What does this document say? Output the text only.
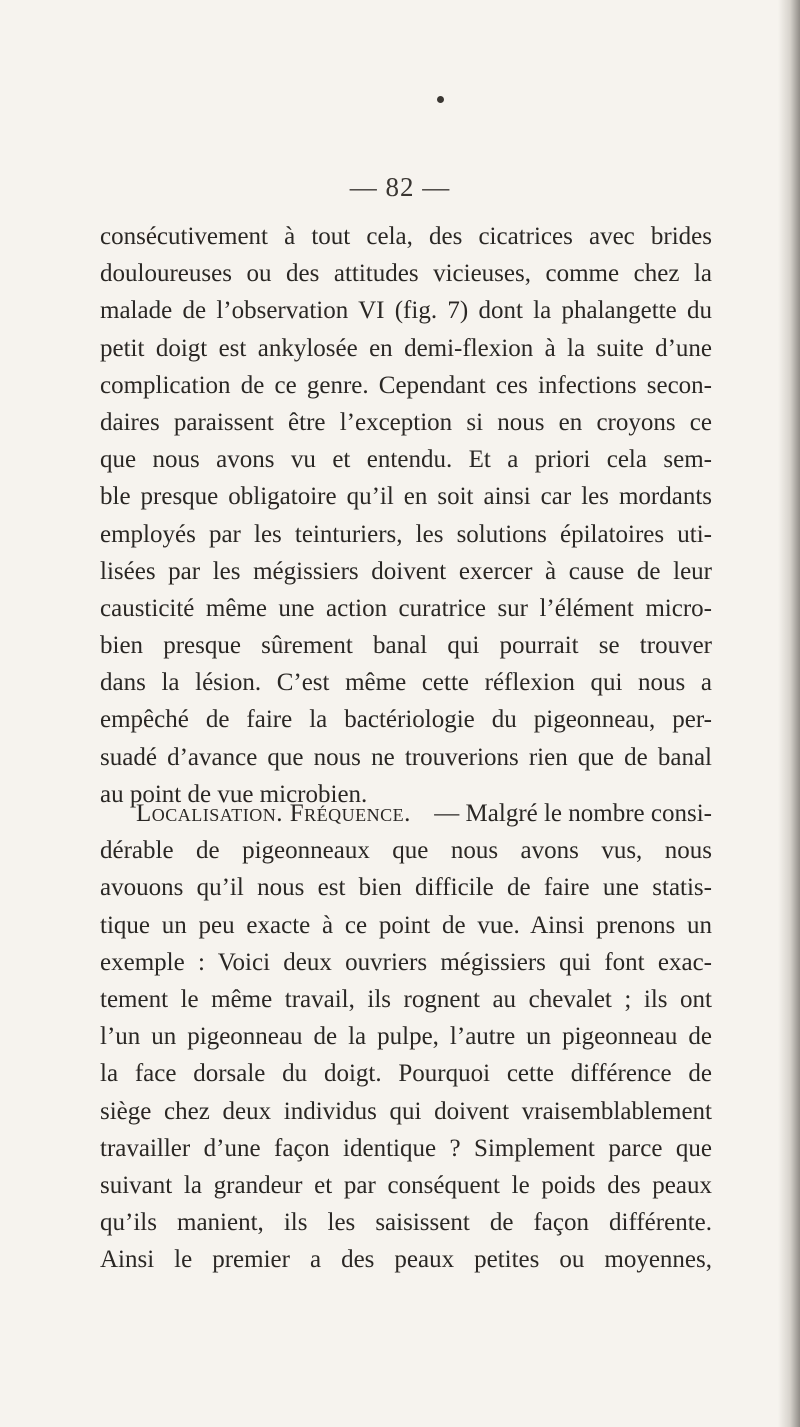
— 82 —
consécutivement à tout cela, des cicatrices avec brides
douloureuses ou des attitudes vicieuses, comme chez la
malade de l’observation VI (fig. 7) dont la phalangette du
petit doigt est ankylosée en demi-flexion à la suite d’une
complication de ce genre. Cependant ces infections secon-
daires paraissent être l’exception si nous en croyons ce
que nous avons vu et entendu. Et a priori cela sem-
ble presque obligatoire qu’il en soit ainsi car les mordants
employés par les teinturiers, les solutions épilatoires uti-
lisées par les mégissiers doivent exercer à cause de leur
causticité même une action curatrice sur l’élément micro-
bien presque sûrement banal qui pourrait se trouver
dans la lésion. C’est même cette réflexion qui nous a
empêché de faire la bactériologie du pigeonneau, per-
suadé d’avance que nous ne trouverions rien que de banal
au point de vue microbien.
Localisation. Fréquence. — Malgré le nombre consi-
dérable de pigeonneaux que nous avons vus, nous
avouons qu’il nous est bien difficile de faire une statis-
tique un peu exacte à ce point de vue. Ainsi prenons un
exemple : Voici deux ouvriers mégissiers qui font exac-
tement le même travail, ils rognent au chevalet ; ils ont
l’un un pigeonneau de la pulpe, l’autre un pigeonneau de
la face dorsale du doigt. Pourquoi cette différence de
siège chez deux individus qui doivent vraisemblablement
travailler d’une façon identique ? Simplement parce que
suivant la grandeur et par conséquent le poids des peaux
qu’ils manient, ils les saisissent de façon différente.
Ainsi le premier a des peaux petites ou moyennes,
